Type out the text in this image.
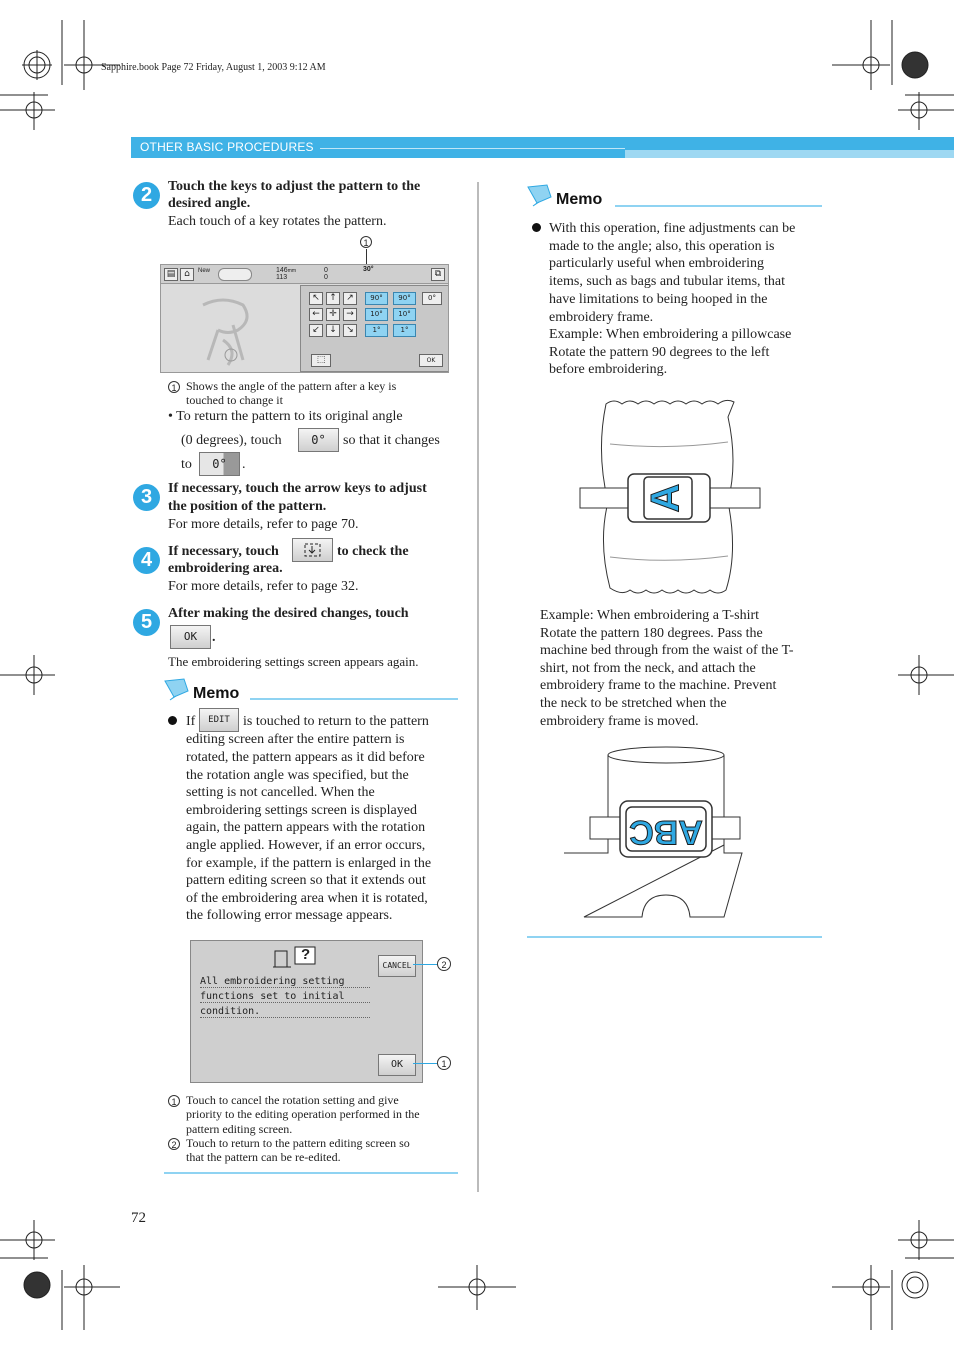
Sapphire.book Page 72 Friday, August 1, 2003 9:12 AM
OTHER BASIC PROCEDURES
2	Touch the keys to adjust the pattern to the
desired angle.
Each touch of a key rotates the pattern.
1
▤ ⌂	New	146mm
113
0
0
30°	⧉
↖	↑	↗
←	✛	→
↙	↓	↘
90°	90°	0°
10°	10°
1°	1°
⬚	OK
1 Shows the angle of the pattern after a key is
touched to change it
• To return the pattern to its original angle
(0 degrees), touch	0°	so that it changes
to	0°	.
3	If necessary, touch the arrow keys to adjust
the position of the pattern.
For more details, refer to page 70.
4	If necessary, touch	to check the
embroidering area.
For more details, refer to page 32.
5	After making the desired changes, touch
OK	.
The embroidering settings screen appears again.
Memo
If	EDIT is touched to return to the pattern
editing screen after the entire pattern is
rotated, the pattern appears as it did before
the rotation angle was specified, but the
setting is not cancelled. When the
embroidering settings screen is displayed
again, the pattern appears with the rotation
angle applied. However, if an error occurs,
for example, if the pattern is enlarged in the
pattern editing screen so that it extends out
of the embroidering area when it is rotated,
the following error message appears.
?
All embroidering setting
functions set to initial
condition.
CANCEL
OK
2
1
1 Touch to cancel the rotation setting and give
priority to the editing operation performed in the
pattern editing screen.
2 Touch to return to the pattern editing screen so
that the pattern can be re-edited.
Memo
With this operation, fine adjustments can be
made to the angle; also, this operation is
particularly useful when embroidering
items, such as bags and tubular items, that
have limitations to being hooped in the
embroidery frame.
Example: When embroidering a pillowcase
Rotate the pattern 90 degrees to the left
before embroidering.
A
Example: When embroidering a T-shirt
Rotate the pattern 180 degrees. Pass the
machine bed through from the waist of the T-
shirt, not from the neck, and attach the
embroidery frame to the machine. Prevent
the neck to be stretched when the
embroidery frame is moved.
ABC
72
